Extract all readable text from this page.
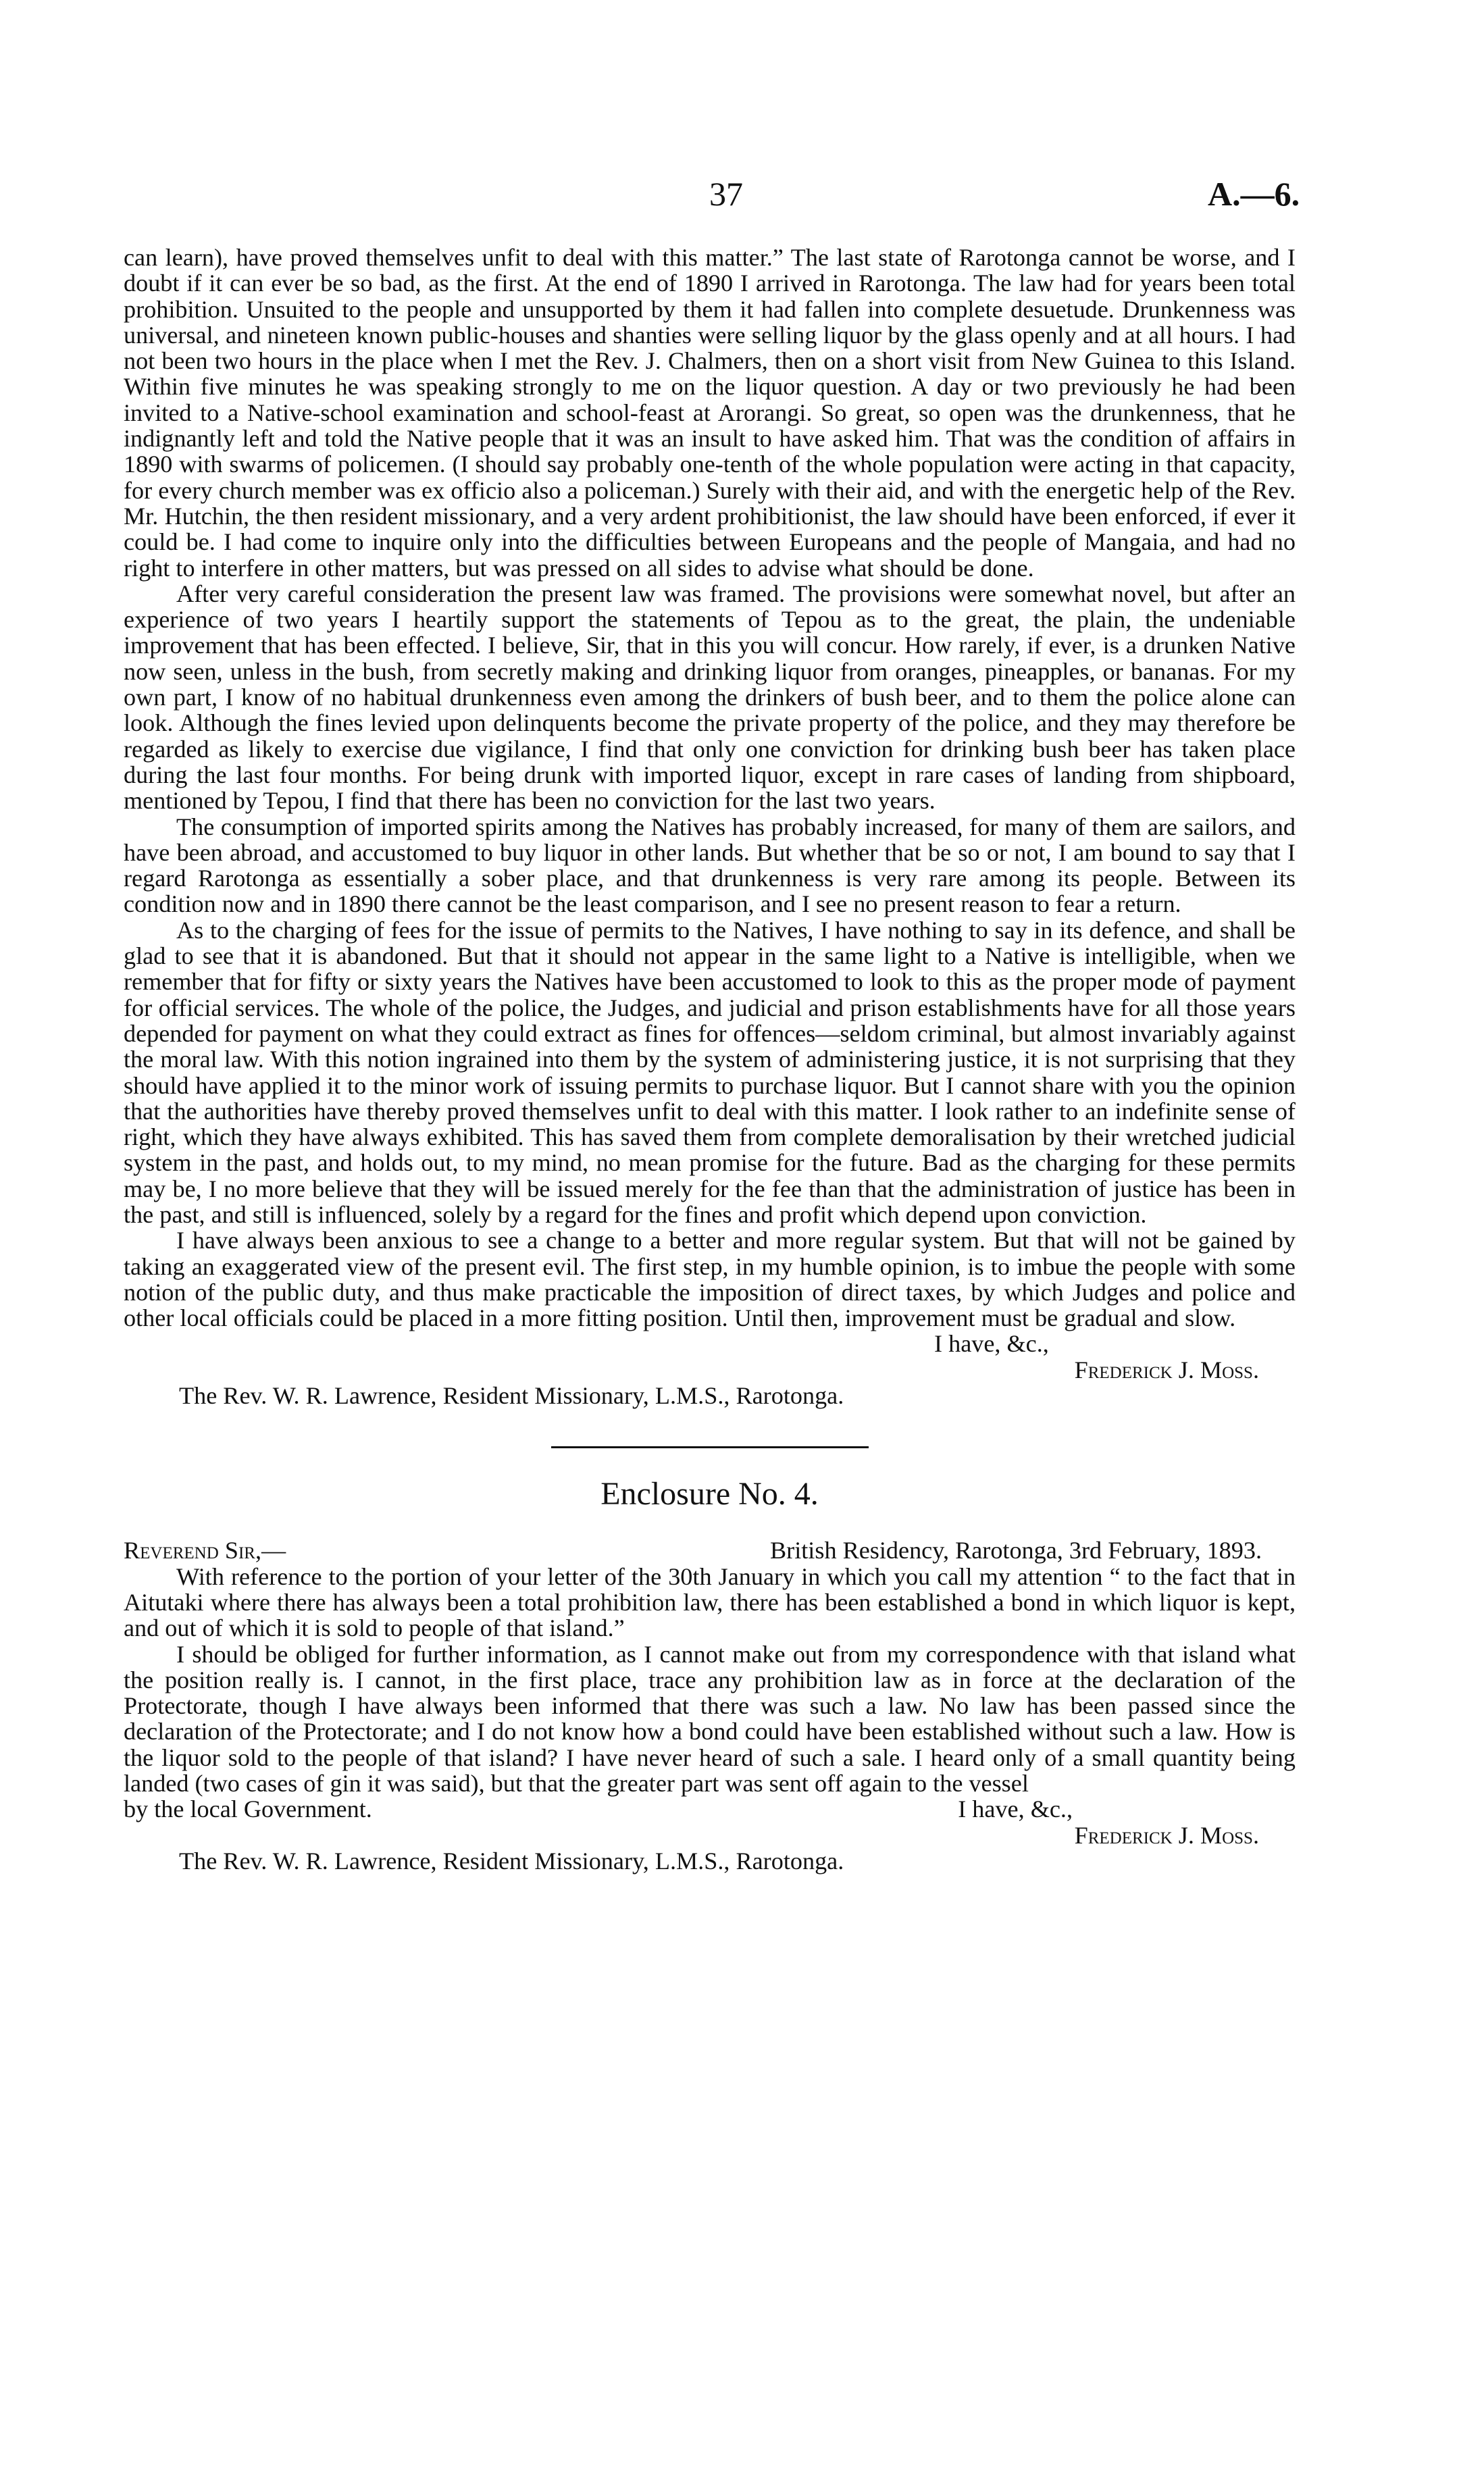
37	A.—6.

can learn), have proved themselves unfit to deal with this matter.” The last state of Rarotonga cannot be worse, and I doubt if it can ever be so bad, as the first. At the end of 1890 I arrived in Rarotonga. The law had for years been total prohibition. Unsuited to the people and unsupported by them it had fallen into complete desuetude. Drunkenness was universal, and nineteen known public-houses and shanties were selling liquor by the glass openly and at all hours. I had not been two hours in the place when I met the Rev. J. Chalmers, then on a short visit from New Guinea to this Island. Within five minutes he was speaking strongly to me on the liquor question. A day or two previously he had been invited to a Native-school examination and school-feast at Arorangi. So great, so open was the drunkenness, that he indignantly left and told the Native people that it was an insult to have asked him. That was the condition of affairs in 1890 with swarms of policemen. (I should say probably one-tenth of the whole population were acting in that capacity, for every church member was ex officio also a policeman.) Surely with their aid, and with the energetic help of the Rev. Mr. Hutchin, the then resident missionary, and a very ardent prohibitionist, the law should have been enforced, if ever it could be. I had come to inquire only into the difficulties between Europeans and the people of Mangaia, and had no right to interfere in other matters, but was pressed on all sides to advise what should be done.

After very careful consideration the present law was framed. The provisions were somewhat novel, but after an experience of two years I heartily support the statements of Tepou as to the great, the plain, the undeniable improvement that has been effected. I believe, Sir, that in this you will concur. How rarely, if ever, is a drunken Native now seen, unless in the bush, from secretly making and drinking liquor from oranges, pineapples, or bananas. For my own part, I know of no habitual drunkenness even among the drinkers of bush beer, and to them the police alone can look. Although the fines levied upon delinquents become the private property of the police, and they may therefore be regarded as likely to exercise due vigilance, I find that only one conviction for drinking bush beer has taken place during the last four months. For being drunk with imported liquor, except in rare cases of landing from shipboard, mentioned by Tepou, I find that there has been no conviction for the last two years.

The consumption of imported spirits among the Natives has probably increased, for many of them are sailors, and have been abroad, and accustomed to buy liquor in other lands. But whether that be so or not, I am bound to say that I regard Rarotonga as essentially a sober place, and that drunkenness is very rare among its people. Between its condition now and in 1890 there cannot be the least comparison, and I see no present reason to fear a return.

As to the charging of fees for the issue of permits to the Natives, I have nothing to say in its defence, and shall be glad to see that it is abandoned. But that it should not appear in the same light to a Native is intelligible, when we remember that for fifty or sixty years the Natives have been accustomed to look to this as the proper mode of payment for official services. The whole of the police, the Judges, and judicial and prison establishments have for all those years depended for payment on what they could extract as fines for offences—seldom criminal, but almost invariably against the moral law. With this notion ingrained into them by the system of administering justice, it is not surprising that they should have applied it to the minor work of issuing permits to purchase liquor. But I cannot share with you the opinion that the authorities have thereby proved themselves unfit to deal with this matter. I look rather to an indefinite sense of right, which they have always exhibited. This has saved them from complete demoralisation by their wretched judicial system in the past, and holds out, to my mind, no mean promise for the future. Bad as the charging for these permits may be, I no more believe that they will be issued merely for the fee than that the administration of justice has been in the past, and still is influenced, solely by a regard for the fines and profit which depend upon conviction.

I have always been anxious to see a change to a better and more regular system. But that will not be gained by taking an exaggerated view of the present evil. The first step, in my humble opinion, is to imbue the people with some notion of the public duty, and thus make practicable the imposition of direct taxes, by which Judges and police and other local officials could be placed in a more fitting position. Until then, improvement must be gradual and slow.

I have, &c.,
Frederick J. Moss.
The Rev. W. R. Lawrence, Resident Missionary, L.M.S., Rarotonga.
Enclosure No. 4.
Reverend Sir,—	British Residency, Rarotonga, 3rd February, 1893.

With reference to the portion of your letter of the 30th January in which you call my attention “ to the fact that in Aitutaki where there has always been a total prohibition law, there has been established a bond in which liquor is kept, and out of which it is sold to people of that island.”

I should be obliged for further information, as I cannot make out from my correspondence with that island what the position really is. I cannot, in the first place, trace any prohibition law as in force at the declaration of the Protectorate, though I have always been informed that there was such a law. No law has been passed since the declaration of the Protectorate; and I do not know how a bond could have been established without such a law. How is the liquor sold to the people of that island? I have never heard of such a sale. I heard only of a small quantity being landed (two cases of gin it was said), but that the greater part was sent off again to the vessel

by the local Government.	I have, &c.,
Frederick J. Moss.
The Rev. W. R. Lawrence, Resident Missionary, L.M.S., Rarotonga.
